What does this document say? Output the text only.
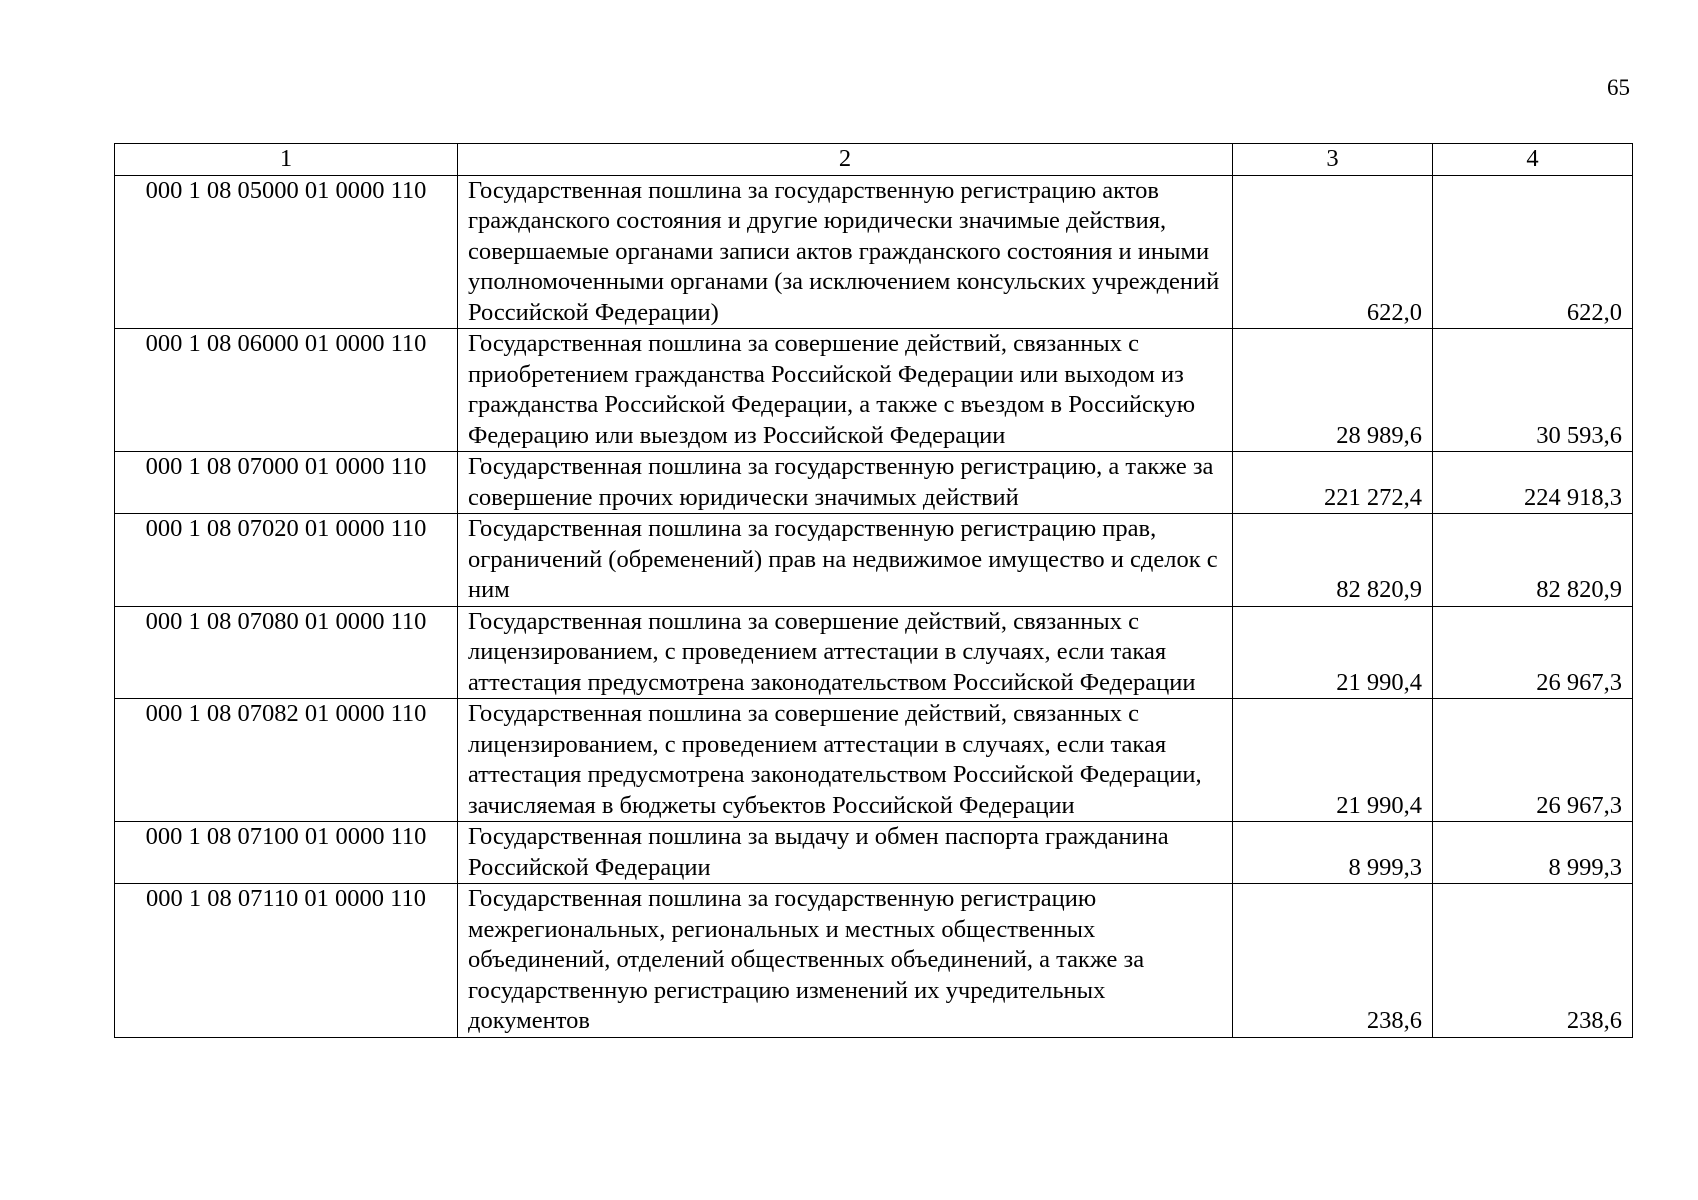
65
1	2	3	4
000 1 08 05000 01 0000 110	Государственная пошлина за государственную регистрацию актов гражданского состояния и другие юридически значимые действия, совершаемые органами записи актов гражданского состояния и иными уполномоченными органами (за исключением консульских учреждений Российской Федерации)	622,0	622,0
000 1 08 06000 01 0000 110	Государственная пошлина за совершение действий, связанных с приобретением гражданства Российской Федерации или выходом из гражданства Российской Федерации, а также с въездом в Российскую Федерацию или выездом из Российской Федерации	28 989,6	30 593,6
000 1 08 07000 01 0000 110	Государственная пошлина за государственную регистрацию, а также за совершение прочих юридически значимых действий	221 272,4	224 918,3
000 1 08 07020 01 0000 110	Государственная пошлина за государственную регистрацию прав, ограничений (обременений) прав на недвижимое имущество и сделок с ним	82 820,9	82 820,9
000 1 08 07080 01 0000 110	Государственная пошлина за совершение действий, связанных с лицензированием, с проведением аттестации в случаях, если такая аттестация предусмотрена законодательством Российской Федерации	21 990,4	26 967,3
000 1 08 07082 01 0000 110	Государственная пошлина за совершение действий, связанных с лицензированием, с проведением аттестации в случаях, если такая аттестация предусмотрена законодательством Российской Федерации, зачисляемая в бюджеты субъектов Российской Федерации	21 990,4	26 967,3
000 1 08 07100 01 0000 110	Государственная пошлина за выдачу и обмен паспорта гражданина Российской Федерации	8 999,3	8 999,3
000 1 08 07110 01 0000 110	Государственная пошлина за государственную регистрацию межрегиональных, региональных и местных общественных объединений, отделений общественных объединений, а также за государственную регистрацию изменений их учредительных документов	238,6	238,6
